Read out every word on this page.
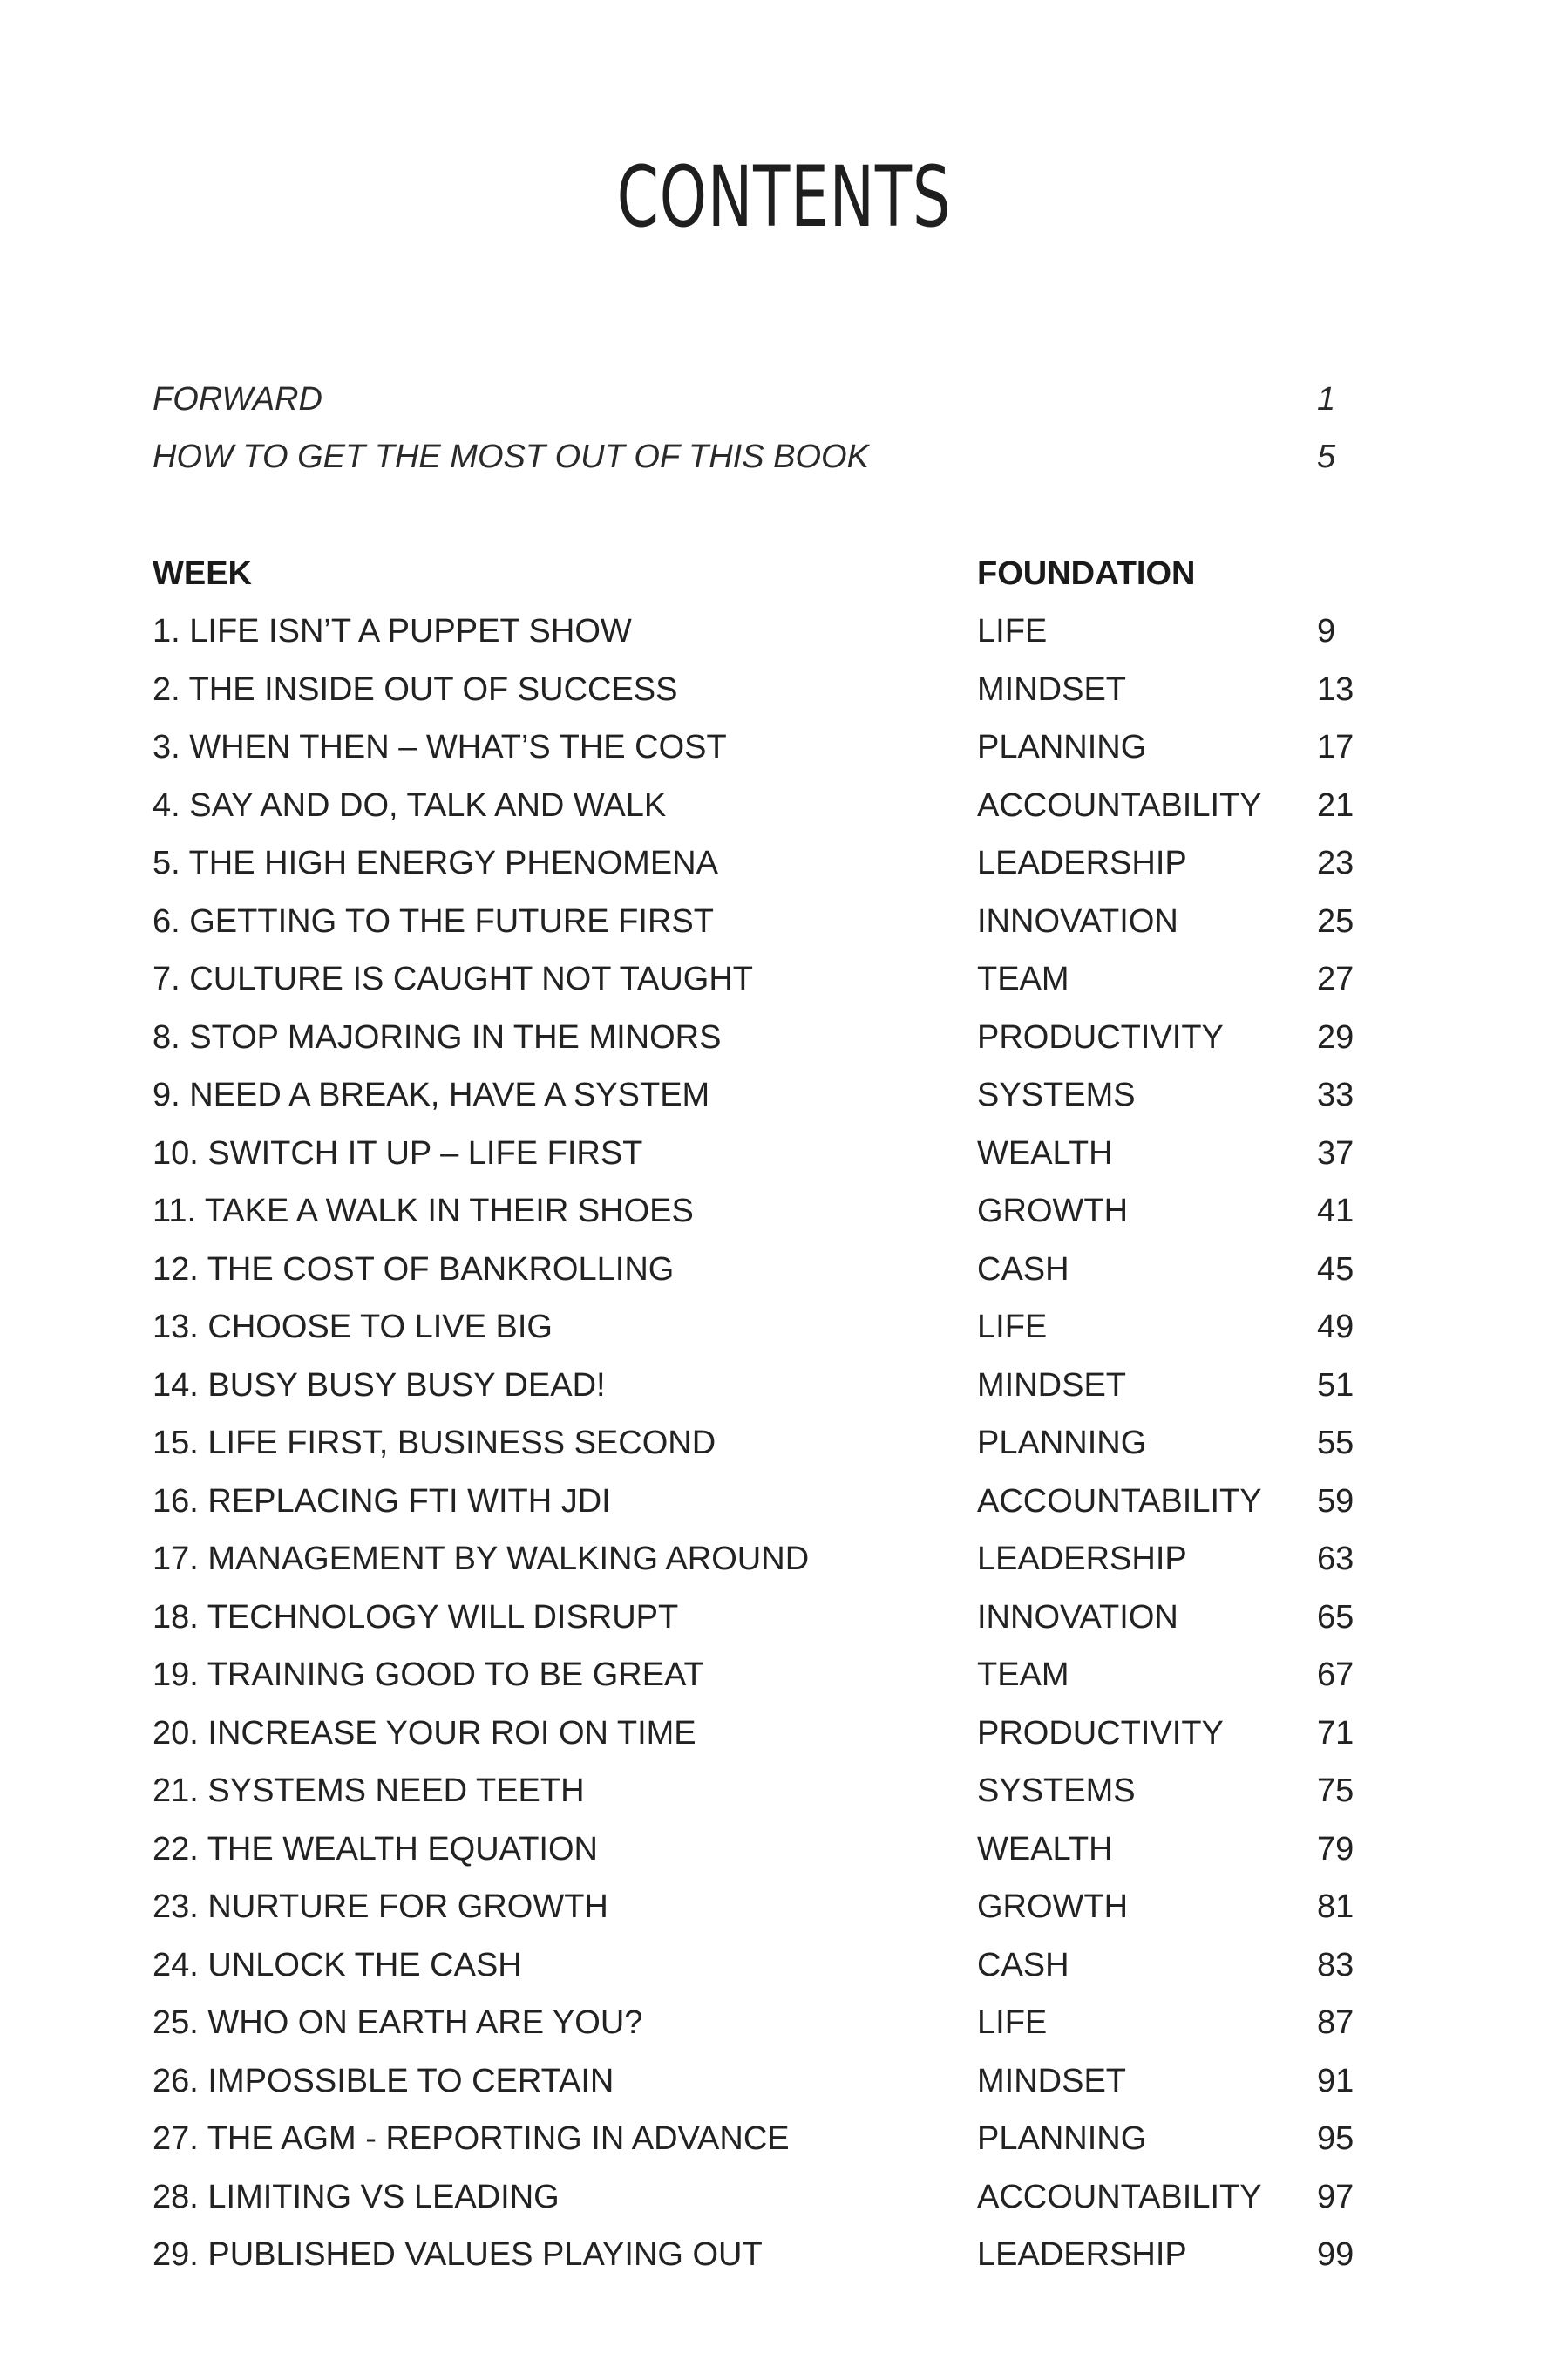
CONTENTS
FORWARD	1
HOW TO GET THE MOST OUT OF THIS BOOK	5
WEEK	FOUNDATION
1. LIFE ISN’T A PUPPET SHOW	LIFE	9
2. THE INSIDE OUT OF SUCCESS	MINDSET	13
3. WHEN THEN – WHAT’S THE COST	PLANNING	17
4. SAY AND DO, TALK AND WALK	ACCOUNTABILITY 21
5. THE HIGH ENERGY PHENOMENA	LEADERSHIP	23
6. GETTING TO THE FUTURE FIRST	INNOVATION	25
7. CULTURE IS CAUGHT NOT TAUGHT	TEAM	27
8. STOP MAJORING IN THE MINORS	PRODUCTIVITY	29
9. NEED A BREAK, HAVE A SYSTEM	SYSTEMS	33
10. SWITCH IT UP – LIFE FIRST	WEALTH	37
11. TAKE A WALK IN THEIR SHOES	GROWTH	41
12. THE COST OF BANKROLLING	CASH	45
13. CHOOSE TO LIVE BIG	LIFE	49
14. BUSY BUSY BUSY DEAD!	MINDSET	51
15. LIFE FIRST, BUSINESS SECOND	PLANNING	55
16. REPLACING FTI WITH JDI	ACCOUNTABILITY 59
17. MANAGEMENT BY WALKING AROUND	LEADERSHIP	63
18. TECHNOLOGY WILL DISRUPT	INNOVATION	65
19. TRAINING GOOD TO BE GREAT	TEAM	67
20. INCREASE YOUR ROI ON TIME	PRODUCTIVITY	71
21. SYSTEMS NEED TEETH	SYSTEMS	75
22. THE WEALTH EQUATION	WEALTH	79
23. NURTURE FOR GROWTH	GROWTH	81
24. UNLOCK THE CASH	CASH	83
25. WHO ON EARTH ARE YOU?	LIFE	87
26. IMPOSSIBLE TO CERTAIN	MINDSET	91
27. THE AGM - REPORTING IN ADVANCE	PLANNING	95
28. LIMITING VS LEADING	ACCOUNTABILITY 97
29. PUBLISHED VALUES PLAYING OUT	LEADERSHIP	99
